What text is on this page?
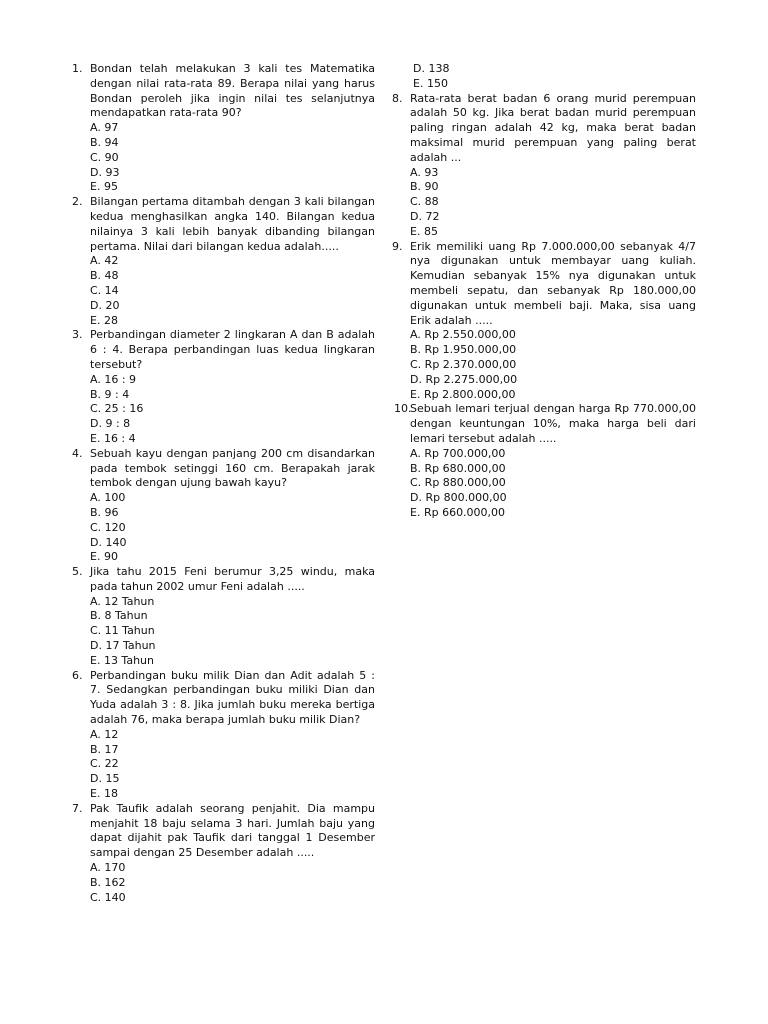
1. Bondan telah melakukan 3 kali tes Matematika dengan nilai rata-rata 89. Berapa nilai yang harus Bondan peroleh jika ingin nilai tes selanjutnya mendapatkan rata-rata 90?
A. 97
B. 94
C. 90
D. 93
E. 95
2. Bilangan pertama ditambah dengan 3 kali bilangan kedua menghasilkan angka 140. Bilangan kedua nilainya 3 kali lebih banyak dibanding bilangan pertama. Nilai dari bilangan kedua adalah.....
A. 42
B. 48
C. 14
D. 20
E. 28
3. Perbandingan diameter 2 lingkaran A dan B adalah 6 : 4. Berapa perbandingan luas kedua lingkaran tersebut?
A. 16 : 9
B. 9 : 4
C. 25 : 16
D. 9 : 8
E. 16 : 4
4. Sebuah kayu dengan panjang 200 cm disandarkan pada tembok setinggi 160 cm. Berapakah jarak tembok dengan ujung bawah kayu?
A. 100
B. 96
C. 120
D. 140
E. 90
5. Jika tahu 2015 Feni berumur 3,25 windu, maka pada tahun 2002 umur Feni adalah .....
A. 12 Tahun
B. 8 Tahun
C. 11 Tahun
D. 17 Tahun
E. 13 Tahun
6. Perbandingan buku milik Dian dan Adit adalah 5 : 7. Sedangkan perbandingan buku miliki Dian dan Yuda adalah 3 : 8. Jika jumlah buku mereka bertiga adalah 76, maka berapa jumlah buku milik Dian?
A. 12
B. 17
C. 22
D. 15
E. 18
7. Pak Taufik adalah seorang penjahit. Dia mampu menjahit 18 baju selama 3 hari. Jumlah baju yang dapat dijahit pak Taufik dari tanggal 1 Desember sampai dengan 25 Desember adalah .....
A. 170
B. 162
C. 140
D. 138
E. 150
8. Rata-rata berat badan 6 orang murid perempuan adalah 50 kg. Jika berat badan murid perempuan paling ringan adalah 42 kg, maka berat badan maksimal murid perempuan yang paling berat adalah ...
A. 93
B. 90
C. 88
D. 72
E. 85
9. Erik memiliki uang Rp 7.000.000,00 sebanyak 4/7 nya digunakan untuk membayar uang kuliah. Kemudian sebanyak 15% nya digunakan untuk membeli sepatu, dan sebanyak Rp 180.000,00 digunakan untuk membeli baji. Maka, sisa uang Erik adalah .....
A. Rp 2.550.000,00
B. Rp 1.950.000,00
C. Rp 2.370.000,00
D. Rp 2.275.000,00
E. Rp 2.800.000,00
10.
Sebuah lemari terjual dengan harga Rp 770.000,00 dengan keuntungan 10%, maka harga beli dari lemari tersebut adalah .....
A. Rp 700.000,00
B. Rp 680.000,00
C. Rp 880.000,00
D. Rp 800.000,00
E. Rp 660.000,00
